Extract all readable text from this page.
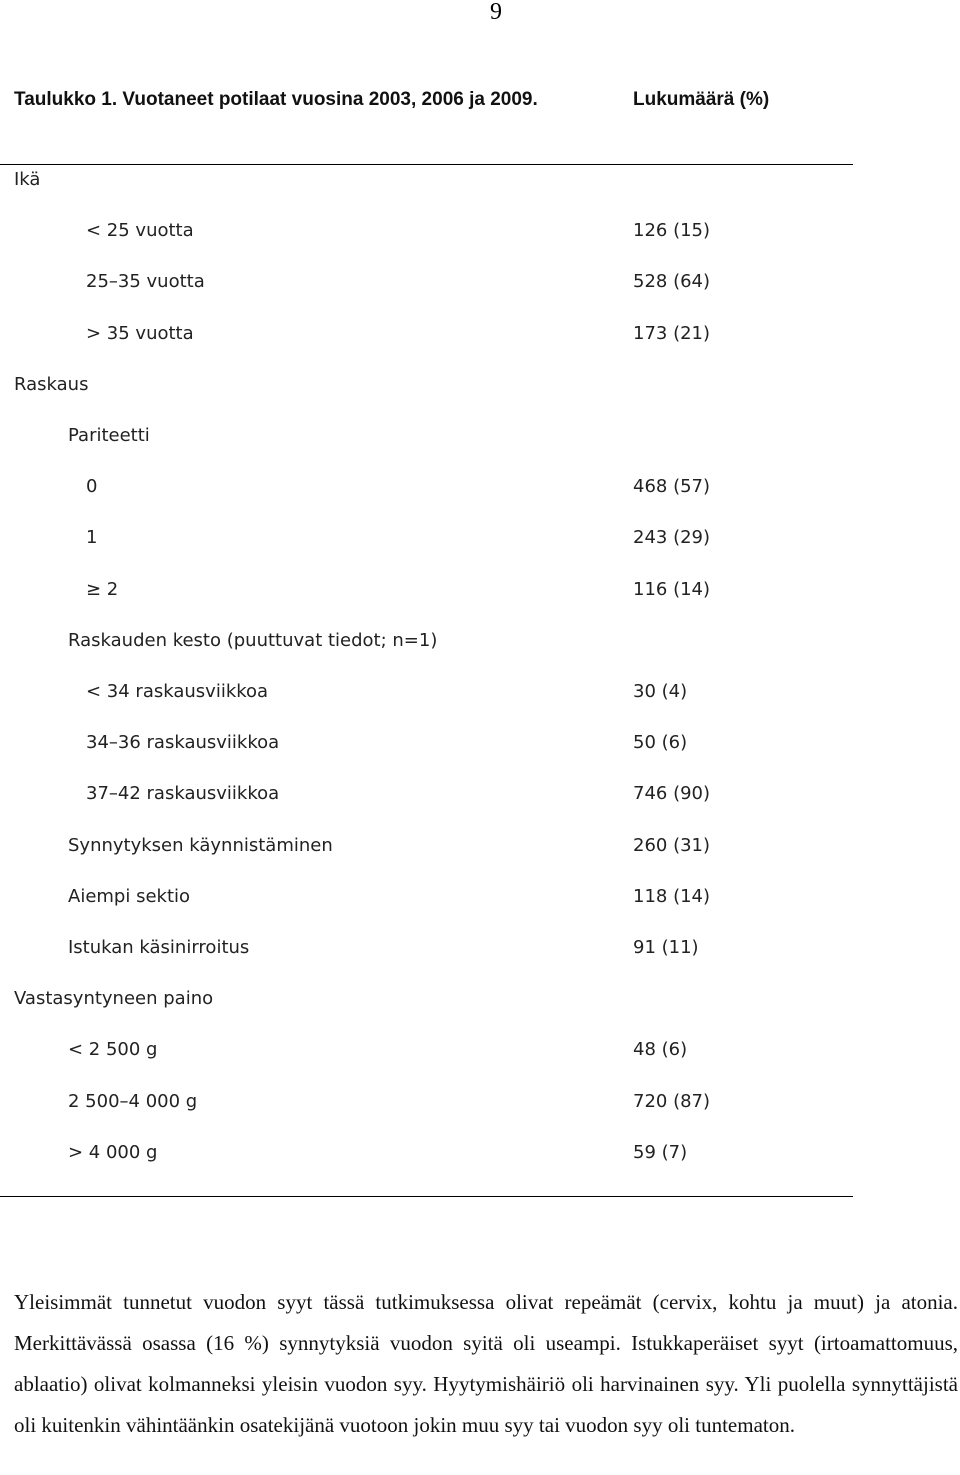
9
Taulukko 1. Vuotaneet potilaat vuosina 2003, 2006 ja 2009.	Lukumäärä (%)
Ikä
< 25 vuotta	126 (15)
25–35 vuotta	528 (64)
> 35 vuotta	173 (21)
Raskaus
Pariteetti
0	468 (57)
1	243 (29)
≥ 2	116 (14)
Raskauden kesto (puuttuvat tiedot; n=1)
< 34 raskausviikkoa	30 (4)
34–36 raskausviikkoa	50 (6)
37–42 raskausviikkoa	746 (90)
Synnytyksen käynnistäminen	260 (31)
Aiempi sektio	118 (14)
Istukan käsinirroitus	91 (11)
Vastasyntyneen paino
< 2 500 g	48 (6)
2 500–4 000 g	720 (87)
> 4 000 g	59 (7)
Yleisimmät tunnetut vuodon syyt tässä tutkimuksessa olivat repeämät (cervix, kohtu ja muut) ja atonia. Merkittävässä osassa (16 %) synnytyksiä vuodon syitä oli useampi. Istukkaperäiset syyt (irtoamattomuus, ablaatio) olivat kolmanneksi yleisin vuodon syy. Hyytymishäiriö oli harvinainen syy. Yli puolella synnyttäjistä oli kuitenkin vähintäänkin osatekijänä vuotoon jokin muu syy tai vuodon syy oli tuntematon.
